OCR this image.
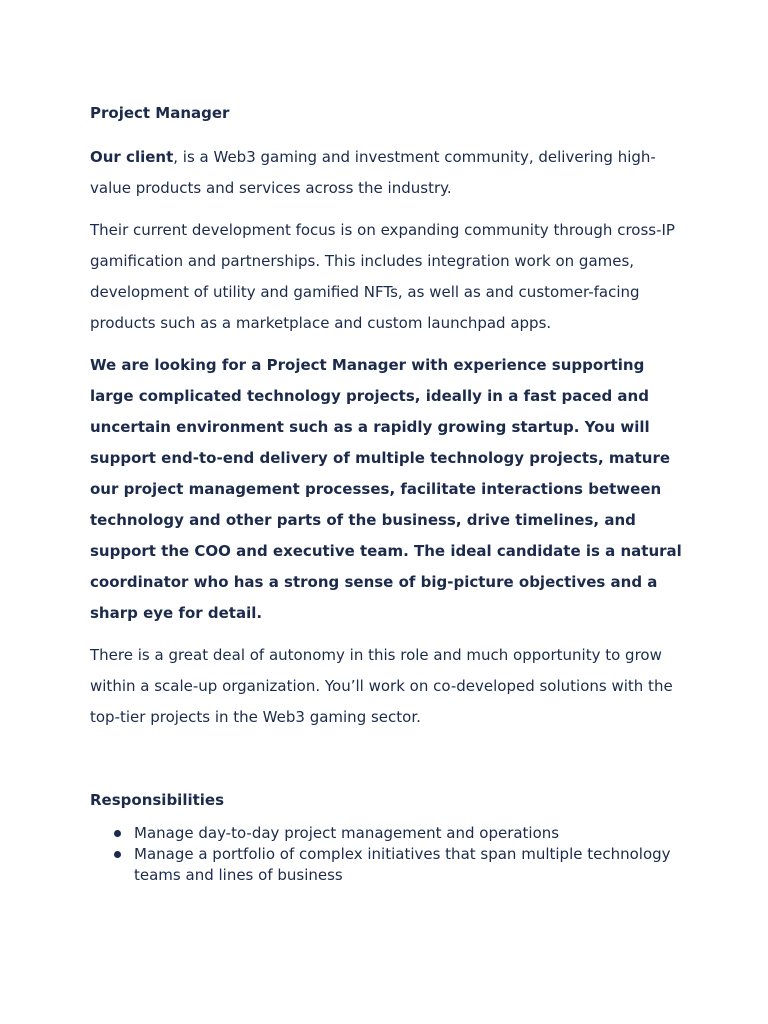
Project Manager

Our client, is a Web3 gaming and investment community, delivering high-value products and services across the industry.

Their current development focus is on expanding community through cross-IP gamification and partnerships. This includes integration work on games, development of utility and gamified NFTs, as well as and customer-facing products such as a marketplace and custom launchpad apps.

We are looking for a Project Manager with experience supporting large complicated technology projects, ideally in a fast paced and uncertain environment such as a rapidly growing startup. You will support end-to-end delivery of multiple technology projects, mature our project management processes, facilitate interactions between technology and other parts of the business, drive timelines, and support the COO and executive team. The ideal candidate is a natural coordinator who has a strong sense of big-picture objectives and a sharp eye for detail.

There is a great deal of autonomy in this role and much opportunity to grow within a scale-up organization. You’ll work on co-developed solutions with the top-tier projects in the Web3 gaming sector.

Responsibilities
Manage day-to-day project management and operations
Manage a portfolio of complex initiatives that span multiple technology teams and lines of business
